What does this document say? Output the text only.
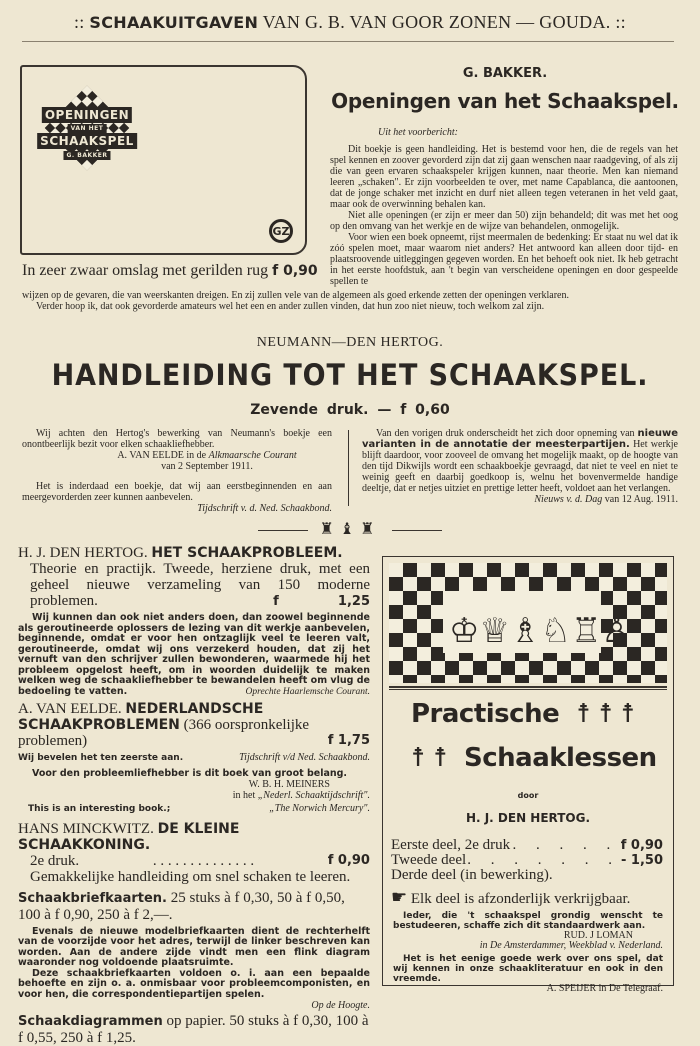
:: SCHAAKUITGAVEN VAN G. B. VAN GOOR ZONEN — GOUDA. ::
OPENINGEN
VAN HET
SCHAAKSPEL
G. BAKKER
GZ
G. BAKKER.
Openingen van het Schaakspel.
Uit het voorbericht:

Dit boekje is geen handleiding. Het is bestemd voor hen, die de regels van het spel kennen en zoover gevorderd zijn dat zij gaan wenschen naar raadgeving, of als zij die van geen ervaren schaakspeler krijgen kunnen, naar theorie. Men kan niemand leeren „schaken". Er zijn voorbeelden te over, met name Capablanca, die aantoonen, dat de jonge schaker met inzicht en durf niet alleen tegen veteranen in het veld gaat, maar ook de overwinning behalen kan.

Niet alle openingen (er zijn er meer dan 50) zijn behandeld; dit was met het oog op den omvang van het werkje en de wijze van behandelen, onmogelijk.

Voor wien een boek opneemt, rijst meermalen de bedenking: Er staat nu wel dat ik zóó spelen moet, maar waarom niet anders? Het antwoord kan alleen door tijd- en plaatsroovende uitleggingen gegeven worden. En het behoeft ook niet. Ik heb getracht in het eerste hoofdstuk, aan 't begin van verscheidene openingen en door gespeelde spellen te

In zeer zwaar omslag met gerilden rug f 0,90

wijzen op de gevaren, die van weerskanten dreigen. En zij zullen vele van de algemeen als goed erkende zetten der openingen verklaren.

Verder hoop ik, dat ook gevorderde amateurs wel het een en ander zullen vinden, dat hun zoo niet nieuw, toch welkom zal zijn.

NEUMANN—DEN HERTOG.
HANDLEIDING TOT HET SCHAAKSPEL.
Zevende druk. — f 0,60

Wij achten den Hertog's bewerking van Neumann's boekje een onontbeerlijk bezit voor elken schaakliefhebber.

A. VAN EELDE in de Alkmaarsche Courant

van 2 September 1911.

Het is inderdaad een boekje, dat wij aan eerstbeginnenden en aan meergevorderden zeer kunnen aanbevelen.

Tijdschrift v. d. Ned. Schaakbond.

Van den vorigen druk onderscheidt het zich door opneming van nieuwe varianten in de annotatie der meesterpartijen. Het werkje blijft daardoor, voor zooveel de omvang het mogelijk maakt, op de hoogte van den tijd Dikwijls wordt een schaakboekje gevraagd, dat niet te veel en niet te weinig geeft en daarbij goedkoop is, welnu het bovenvermelde handige deeltje, dat er netjes uitziet en prettige letter heeft, voldoet aan het verlangen.

Nieuws v. d. Dag van 12 Aug. 1911.

♜♝♜
H. J. DEN HERTOG. HET SCHAAKPROBLEEM.
Theorie en practijk. Tweede, herziene druk, met een geheel nieuwe verzameling van 150 moderne problemen.	f 1,25

Wij kunnen dan ook niet anders doen, dan zoowel beginnende als geroutineerde oplossers de lezing van dit werkje aanbevelen, beginnende, omdat er voor hen ontzaglijk veel te leeren valt, geroutineerde, omdat wij ons verzekerd houden, dat zij het vernuft van den schrijver zullen bewonderen, waarmede hij het probleem opgelost heeft, om in woorden duidelijk te maken welken weg de schaakliefhebber te bewandelen heeft om vlug de bedoeling te vatten.	Oprechte Haarlemsche Courant.

A. VAN EELDE. NEDERLANDSCHE SCHAAKPROBLEMEN (366 oorspronkelijke problemen)	f 1,75

Wij bevelen het ten zeerste aan.	Tijdschrift v/d Ned. Schaakbond.

Voor den probleemliefhebber is dit boek van groot belang.

W. B. H. MEINERS

in het „Nederl. Schaaktijdschrift".

This is an interesting book.;	„The Norwich Mercury".

HANS MINCKWITZ. DE KLEINE SCHAAKKONING.
2e druk.	. . . . . . . . . . . . . .	f 0,90
Gemakkelijke handleiding om snel schaken te leeren.
Schaakbriefkaarten. 25 stuks à f 0,30, 50 à f 0,50, 100 à f 0,90, 250 à f 2,—.

Evenals de nieuwe modelbriefkaarten dient de rechterhelft van de voorzijde voor het adres, terwijl de linker beschreven kan worden. Aan de andere zijde vindt men een flink diagram waaronder nog voldoende plaatsruimte.

Deze schaakbriefkaarten voldoen o. i. aan een bepaalde behoefte en zijn o. a. onmisbaar voor probleemcomponisten, en voor hen, die correspondentiepartijen spelen.

Op de Hoogte.

Schaakdiagrammen op papier. 50 stuks à f 0,30, 100 à f 0,55, 250 à f 1,25.
♔ ♕ ♗ ♘ ♖ ♙
Practische ☨ ☨ ☨
☨ ☨ Schaaklessen
door
H. J. DEN HERTOG.
Eerste deel, 2e druk . . . . . f 0,90
Tweede deel . . . . . . . - 1,50
Derde deel (in bewerking).
☛ Elk deel is afzonderlijk verkrijgbaar.

Ieder, die 't schaakspel grondig wenscht te bestudeeren, schaffe zich dit standaardwerk aan.

RUD. J LOMAN

in De Amsterdammer, Weekblad v. Nederland.

Het is het eenige goede werk over ons spel, dat wij kennen in onze schaakliteratuur en ook in den vreemde.

A. SPEIJER in De Telegraaf.
